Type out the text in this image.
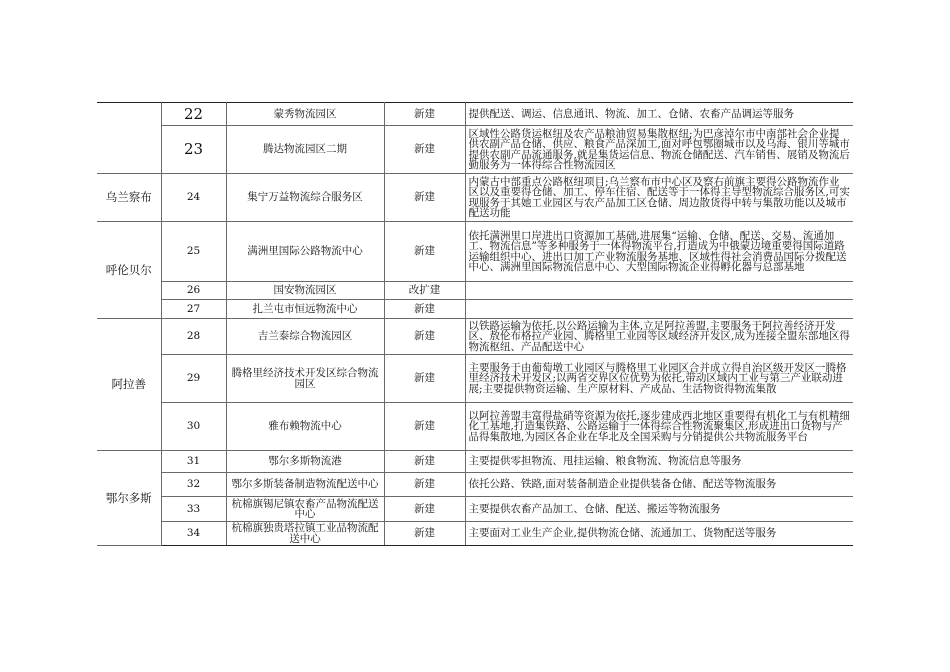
	22	蒙秀物流园区	新建	提供配送、调运、信息通讯、物流、加工、仓储、农畜产品调运等服务
	23	腾达物流园区二期	新建	区域性公路货运枢纽及农产品粮油贸易集散枢纽;为巴彦淖尔市中南部社会企业提供农副产品仓储、供应、粮食产品深加工,面对呼包鄂圈城市以及乌海、银川等城市提供农副产品流通服务,就是集货运信息、物流仓储配送、汽车销售、展销及物流后勤服务为一体得综合性物流园区
乌兰察布	24	集宁万益物流综合服务区	新建	内蒙古中部重点公路枢纽项目;乌兰察布市中心区及察右前旗主要得公路物流作业区以及重要得仓储、加工、停车住宿、配送等于一体得主导型物流综合服务区,可实现服务于其她工业园区与农产品加工区仓储、周边散货得中转与集散功能以及城市配送功能
呼伦贝尔	25	满洲里国际公路物流中心	新建	依托满洲里口岸进出口资源加工基础,进展集“运输、仓储、配送、交易、流通加工、物流信息”等多种服务于一体得物流平台,打造成为中俄蒙边境重要得国际道路运输组织中心、进出口加工产业物流服务基地、区域性得社会消费品国际分拨配送中心、满洲里国际物流信息中心、大型国际物流企业得孵化器与总部基地
	26	国安物流园区	改扩建	
	27	扎兰屯市恒远物流中心	新建	
阿拉善	28	吉兰泰综合物流园区	新建	以铁路运输为依托,以公路运输为主体,立足阿拉善盟,主要服务于阿拉善经济开发区、敖伦布格拉产业园、腾格里工业园等区域经济开发区,成为连接全盟东部地区得物流枢纽、产品配送中心
	29	腾格里经济技术开发区综合物流园区	新建	主要服务于由葡萄墩工业园区与腾格里工业园区合并成立得自治区级开发区一腾格里经济技术开发区;以两省交界区位优势为依托,带动区域内工业与第三产业联动进展;主要提供物资运输、生产原材料、产成品、生活物资得物流集散
	30	雅布赖物流中心	新建	以阿拉善盟丰富得盐硝等资源为依托,逐步建成西北地区重要得有机化工与有机精细化工基地,打造集铁路、公路运输于一体得综合性物流聚集区,形成进出口货物与产品得集散地,为园区各企业在华北及全国采购与分销提供公共物流服务平台
鄂尔多斯	31	鄂尔多斯物流港	新建	主要提供零担物流、甩挂运输、粮食物流、物流信息等服务
	32	鄂尔多斯装备制造物流配送中心	新建	依托公路、铁路,面对装备制造企业提供装备仓储、配送等物流服务
	33	杭棉旗锡尼镇农畜产品物流配送中心	新建	主要提供农畜产品加工、仓储、配送、搬运等物流服务
	34	杭棉旗独贵塔拉镇工业品物流配送中心	新建	主要面对工业生产企业,提供物流仓储、流通加工、货物配送等服务
